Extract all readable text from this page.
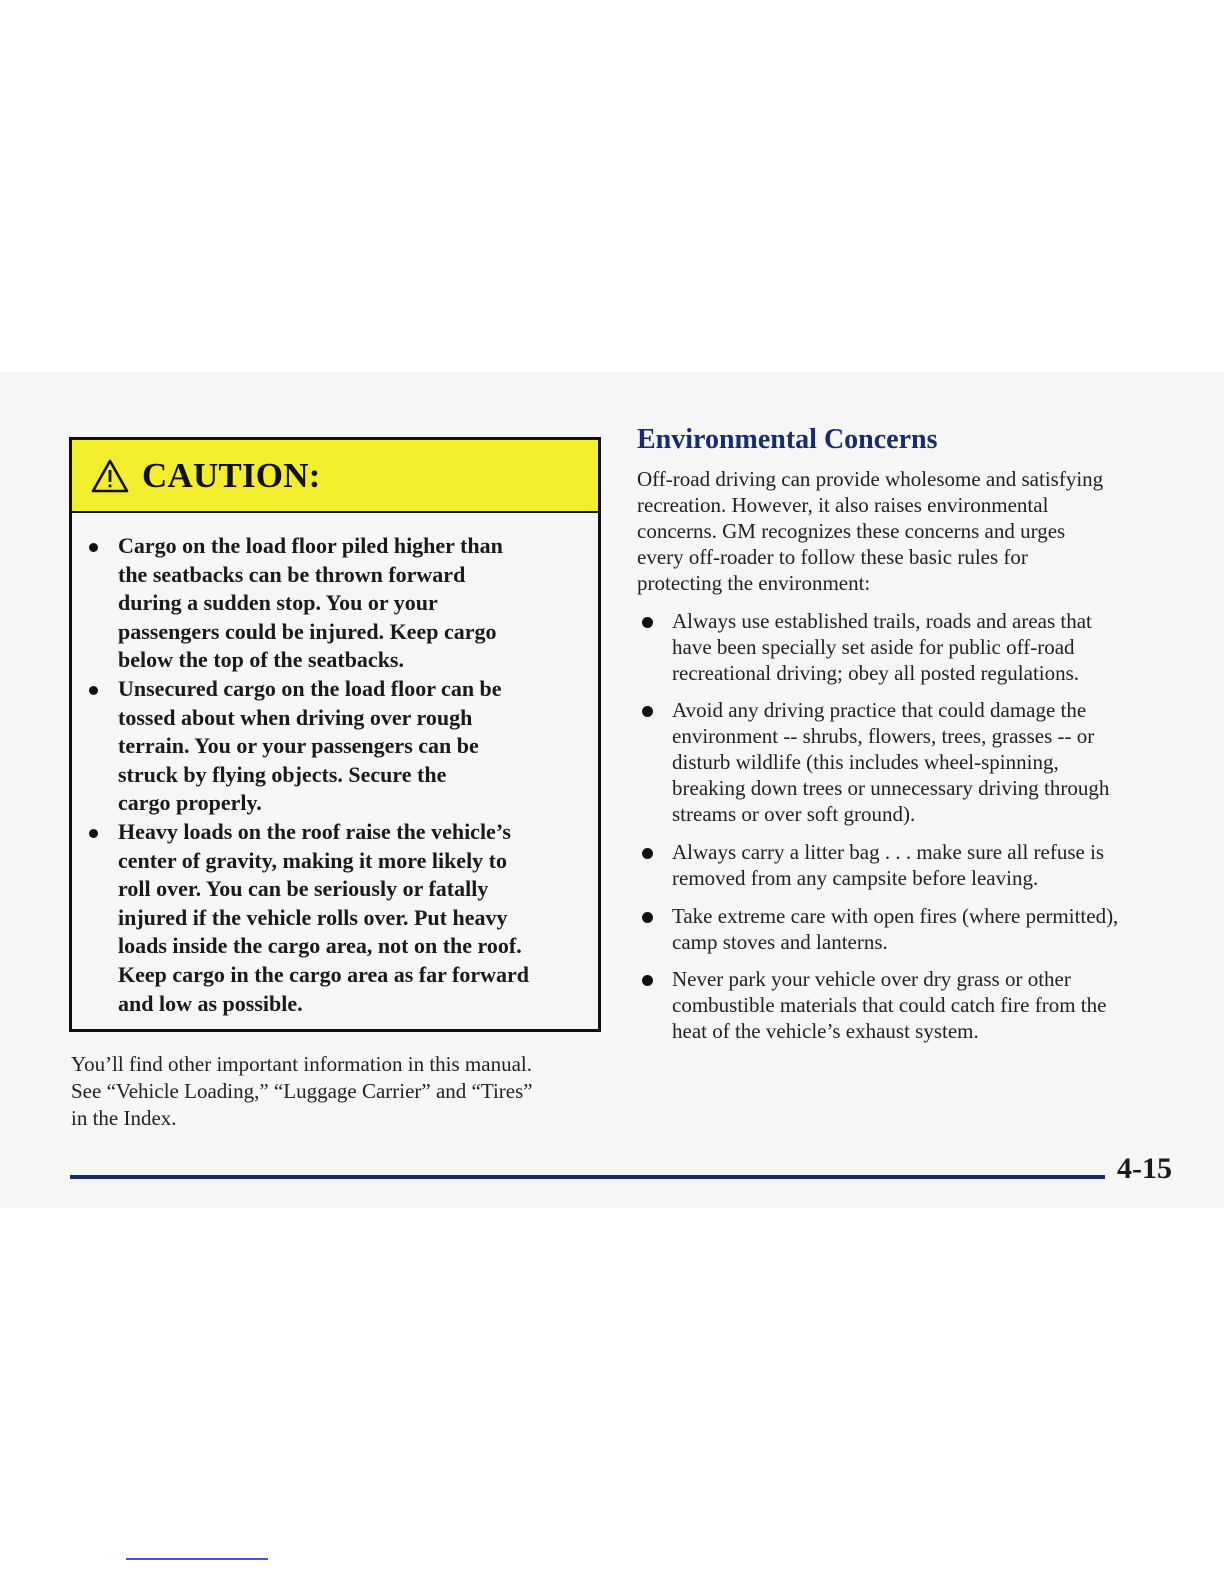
CAUTION:
Cargo on the load floor piled higher than
the seatbacks can be thrown forward
during a sudden stop. You or your
passengers could be injured. Keep cargo
below the top of the seatbacks.
Unsecured cargo on the load floor can be
tossed about when driving over rough
terrain. You or your passengers can be
struck by flying objects. Secure the
cargo properly.
Heavy loads on the roof raise the vehicle’s
center of gravity, making it more likely to
roll over. You can be seriously or fatally
injured if the vehicle rolls over. Put heavy
loads inside the cargo area, not on the roof.
Keep cargo in the cargo area as far forward
and low as possible.
You’ll find other important information in this manual.
See “Vehicle Loading,” “Luggage Carrier” and “Tires”
in the Index.
Environmental Concerns
Off-road driving can provide wholesome and satisfying
recreation. However, it also raises environmental
concerns. GM recognizes these concerns and urges
every off-roader to follow these basic rules for
protecting the environment:
Always use established trails, roads and areas that
have been specially set aside for public off-road
recreational driving; obey all posted regulations.
Avoid any driving practice that could damage the
environment -- shrubs, flowers, trees, grasses -- or
disturb wildlife (this includes wheel-spinning,
breaking down trees or unnecessary driving through
streams or over soft ground).
Always carry a litter bag . . . make sure all refuse is
removed from any campsite before leaving.
Take extreme care with open fires (where permitted),
camp stoves and lanterns.
Never park your vehicle over dry grass or other
combustible materials that could catch fire from the
heat of the vehicle’s exhaust system.
4-15
